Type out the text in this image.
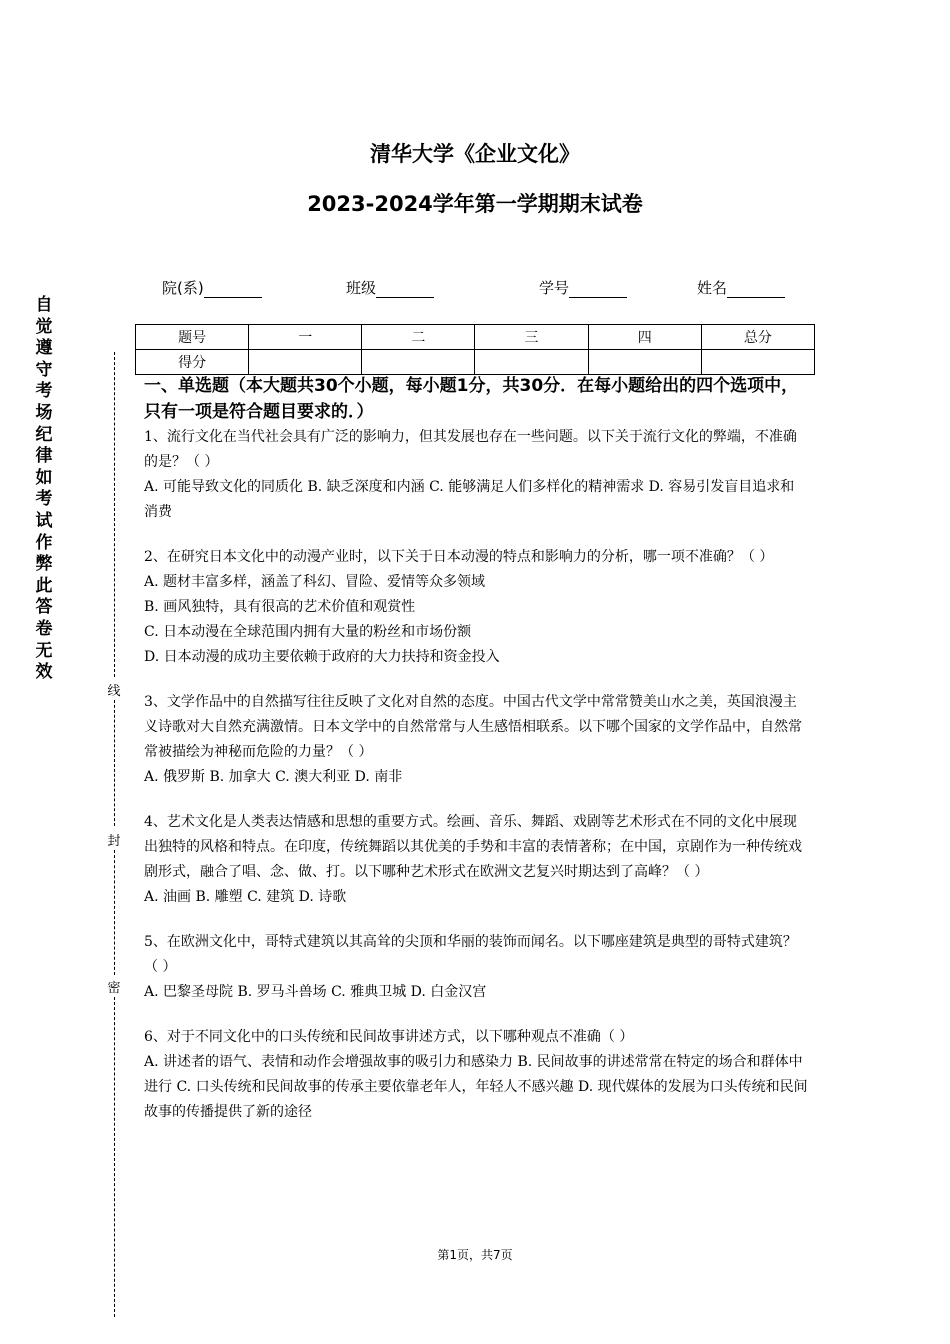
清华大学《企业文化》
2023-2024学年第一学期期末试卷
院(系)	班级	学号	姓名
题号	一	二	三	四	总分
得分					
自觉遵守考场纪律如考试作弊此答卷无效
线
封
密

一、单选题（本大题共30个小题，每小题1分，共30分．在每小题给出的四个选项中，只有一项是符合题目要求的．）

1、流行文化在当代社会具有广泛的影响力，但其发展也存在一些问题。以下关于流行文化的弊端，不准确的是？（ ）

A. 可能导致文化的同质化 B. 缺乏深度和内涵 C. 能够满足人们多样化的精神需求 D. 容易引发盲目追求和消费

2、在研究日本文化中的动漫产业时，以下关于日本动漫的特点和影响力的分析，哪一项不准确？（ ）

A. 题材丰富多样，涵盖了科幻、冒险、爱情等众多领域

B. 画风独特，具有很高的艺术价值和观赏性

C. 日本动漫在全球范围内拥有大量的粉丝和市场份额

D. 日本动漫的成功主要依赖于政府的大力扶持和资金投入

3、文学作品中的自然描写往往反映了文化对自然的态度。中国古代文学中常常赞美山水之美，英国浪漫主义诗歌对大自然充满激情。日本文学中的自然常常与人生感悟相联系。以下哪个国家的文学作品中，自然常常被描绘为神秘而危险的力量？（ ）

A. 俄罗斯 B. 加拿大 C. 澳大利亚 D. 南非

4、艺术文化是人类表达情感和思想的重要方式。绘画、音乐、舞蹈、戏剧等艺术形式在不同的文化中展现出独特的风格和特点。在印度，传统舞蹈以其优美的手势和丰富的表情著称；在中国，京剧作为一种传统戏剧形式，融合了唱、念、做、打。以下哪种艺术形式在欧洲文艺复兴时期达到了高峰？（ ）

A. 油画 B. 雕塑 C. 建筑 D. 诗歌

5、在欧洲文化中，哥特式建筑以其高耸的尖顶和华丽的装饰而闻名。以下哪座建筑是典型的哥特式建筑？（ ）

A. 巴黎圣母院 B. 罗马斗兽场 C. 雅典卫城 D. 白金汉宫

6、对于不同文化中的口头传统和民间故事讲述方式，以下哪种观点不准确（ ）

A. 讲述者的语气、表情和动作会增强故事的吸引力和感染力 B. 民间故事的讲述常常在特定的场合和群体中进行 C. 口头传统和民间故事的传承主要依靠老年人，年轻人不感兴趣 D. 现代媒体的发展为口头传统和民间故事的传播提供了新的途径

第1页，共7页
